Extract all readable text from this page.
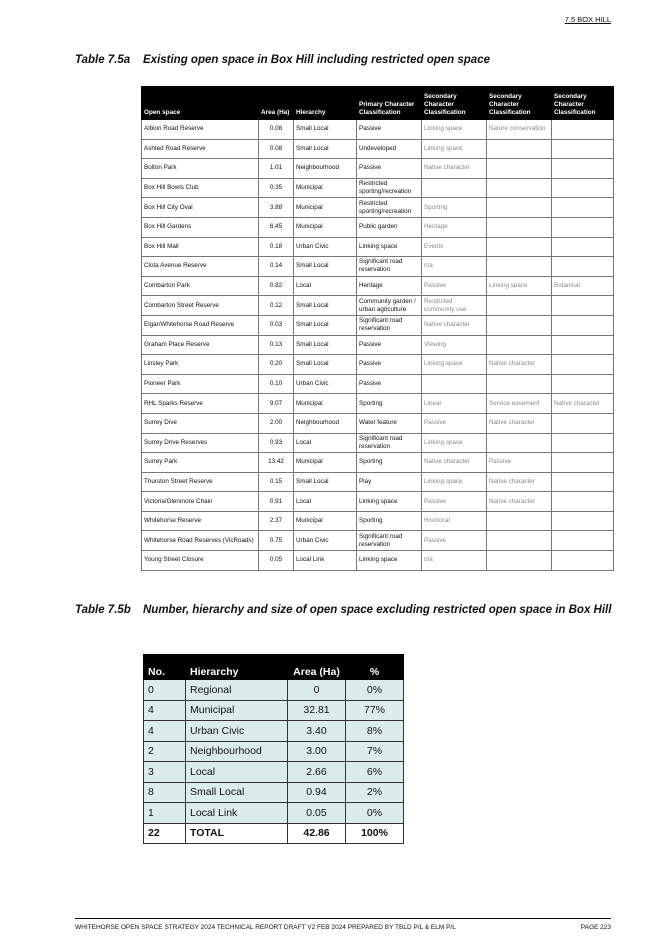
7.5 BOX HILL
Table 7.5a Existing open space in Box Hill including restricted open space
Open space	Area (Ha)	Hierarchy	Primary Character Classification	Secondary Character Classification	Secondary Character Classification	Secondary Character Classification
Albion Road Reserve	0.08	Small Local	Passive	Linking space	Nature conservation	
Ashted Road Reserve	0.08	Small Local	Undeveloped	Linking space		
Bolton Park	1.01	Neighbourhood	Passive	Native character		
Box Hill Bowls Club	0.35	Municipal	Restricted sporting/recreation			
Box Hill City Oval	3.88	Municipal	Restricted sporting/recreation	Sporting		
Box Hill Gardens	6.45	Municipal	Public garden	Heritage		
Box Hill Mall	0.18	Urban Civic	Linking space	Events		
Clota Avenue Reserve	0.14	Small Local	Significant road reservation	n/a		
Combarton Park	0.82	Local	Heritage	Passive	Linking space	Botanical
Combarton Street Reserve	0.12	Small Local	Community garden / urban agriculture	Restricted community use		
Elgar/Whitehorse Road Reserve	0.03	Small Local	Significant road reservation	Native character		
Graham Place Reserve	0.13	Small Local	Passive	Viewing		
Linsley Park	0.20	Small Local	Passive	Linking space	Native character	
Pioneer Park	0.10	Urban Civic	Passive			
RHL Sparks Reserve	9.07	Municipal	Sporting	Linear	Service easement	Native character
Surrey Dive	2.00	Neighbourhood	Water feature	Passive	Native character	
Surrey Drive Reserves	0.93	Local	Significant road reservation	Linking space		
Surrey Park	13.42	Municipal	Sporting	Native character	Passive	
Thurston Street Reserve	0.15	Small Local	Play	Linking space	Native character	
Victoria/Glenmore Chain	0.91	Local	Linking space	Passive	Native character	
Whitehorse Reserve	2.37	Municipal	Sporting	Historical		
Whitehorse Road Reserves (VicRoads)	0.75	Urban Civic	Significant road reservation	Passive		
Young Street Closure	0.05	Local Link	Linking space	n/a		
Table 7.5b	Number, hierarchy and size of open space excluding restricted open space in Box Hill
No.	Hierarchy	Area (Ha)	%
0	Regional	0	0%
4	Municipal	32.81	77%
4	Urban Civic	3.40	8%
2	Neighbourhood	3.00	7%
3	Local	2.66	6%
8	Small Local	0.94	2%
1	Local Link	0.05	0%
22	TOTAL	42.86	100%
WHITEHORSE OPEN SPACE STRATEGY 2024 TECHNICAL REPORT DRAFT V2 FEB 2024 PREPARED BY TBLD P/L & ELM P/L	PAGE 223
